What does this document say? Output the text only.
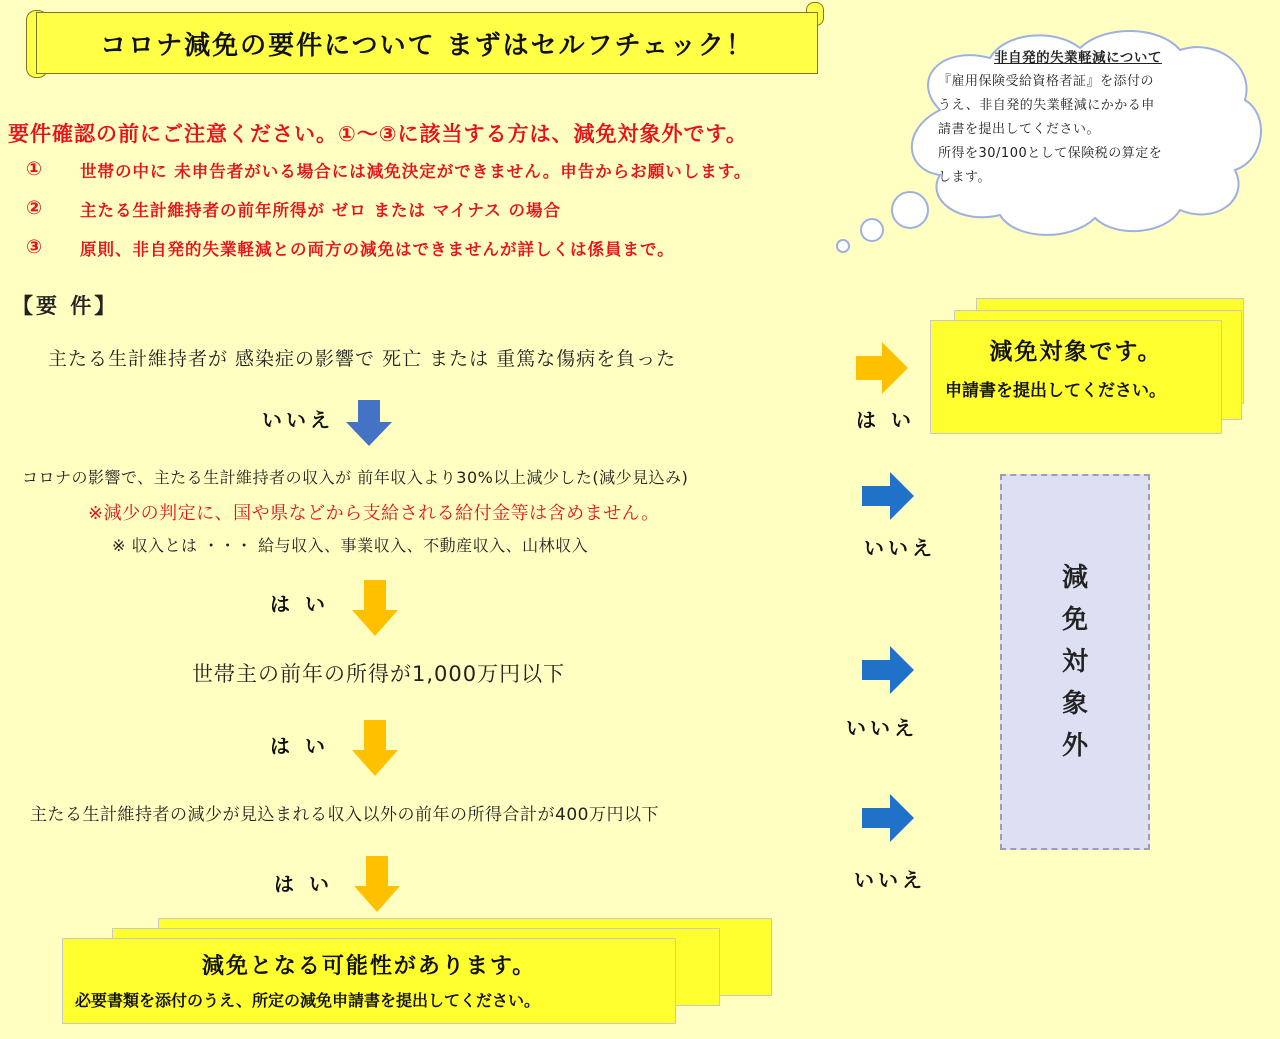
コロナ減免の要件について まずはセルフチェック！	非自発的失業軽減について
『雇用保険受給資格者証』を添付の
うえ、非自発的失業軽減にかかる申
請書を提出してください。
所得を30/100として保険税の算定を
します。
要件確認の前にご注意ください。①～③に該当する方は、減免対象外です。
①	世帯の中に 未申告者がいる場合には減免決定ができません。申告からお願いします。
②	主たる生計維持者の前年所得が ゼロ または マイナス の場合
③	原則、非自発的失業軽減との両方の減免はできませんが詳しくは係員まで。
【要 件】
主たる生計維持者が 感染症の影響で 死亡 または 重篤な傷病を負った
は い
減免対象です。
申請書を提出してください。
いいえ
コロナの影響で、主たる生計維持者の収入が 前年収入より30%以上減少した(減少見込み)
※減少の判定に、国や県などから支給される給付金等は含めません。
※ 収入とは ・・・ 給与収入、事業収入、不動産収入、山林収入	いいえ
は い
世帯主の前年の所得が1,000万円以下
いいえ
は い
主たる生計維持者の減少が見込まれる収入以外の前年の所得合計が400万円以下
いいえ
は い
減
免
対
象
外
減免となる可能性があります。
必要書類を添付のうえ、所定の減免申請書を提出してください。
